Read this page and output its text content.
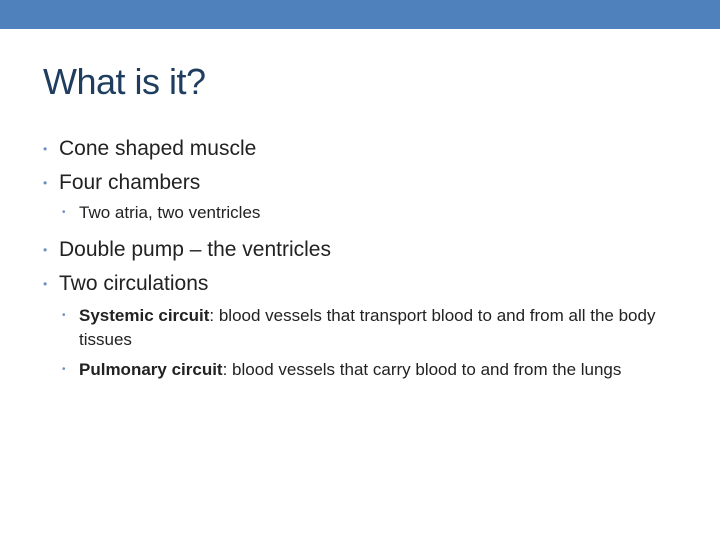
What is it?
• Cone shaped muscle
• Four chambers
• Two atria, two ventricles
• Double pump – the ventricles
• Two circulations
• Systemic circuit: blood vessels that transport blood to and from all the body tissues
• Pulmonary circuit: blood vessels that carry blood to and from the lungs
